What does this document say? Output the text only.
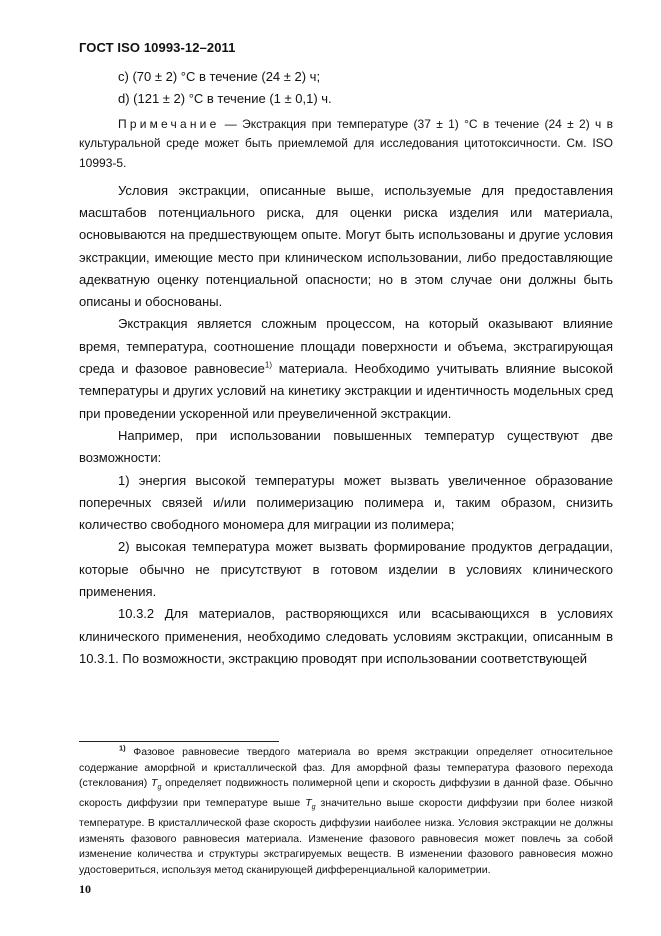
ГОСТ ISO 10993-12–2011

c) (70 ± 2) °C в течение (24 ± 2) ч;

d) (121 ± 2) °C в течение (1 ± 0,1) ч.

Примечание — Экстракция при температуре (37 ± 1) °C в течение (24 ± 2) ч в культуральной среде может быть приемлемой для исследования цитотоксичности. См. ISO 10993-5.

Условия экстракции, описанные выше, используемые для предоставления масштабов потенциального риска, для оценки риска изделия или материала, основываются на предшествующем опыте. Могут быть использованы и другие условия экстракции, имеющие место при клиническом использовании, либо предоставляющие адекватную оценку потенциальной опасности; но в этом случае они должны быть описаны и обоснованы.

Экстракция является сложным процессом, на который оказывают влияние время, температура, соотношение площади поверхности и объема, экстрагирующая среда и фазовое равновесие$^{1)}$ материала. Необходимо учитывать влияние высокой температуры и других условий на кинетику экстракции и идентичность модельных сред при проведении ускоренной или преувеличенной экстракции.

Например, при использовании повышенных температур существуют две возможности:

1) энергия высокой температуры может вызвать увеличенное образование поперечных связей и/или полимеризацию полимера и, таким образом, снизить количество свободного мономера для миграции из полимера;

2) высокая температура может вызвать формирование продуктов деградации, которые обычно не присутствуют в готовом изделии в условиях клинического применения.

10.3.2 Для материалов, растворяющихся или всасывающихся в условиях клинического применения, необходимо следовать условиям экстракции, описанным в 10.3.1. По возможности, экстракцию проводят при использовании соответствующей

$^{1)}$ Фазовое равновесие твердого материала во время экстракции определяет относительное содержание аморфной и кристаллической фаз. Для аморфной фазы температура фазового перехода (стеклования) $T_g$ определяет подвижность полимерной цепи и скорость диффузии в данной фазе. Обычно скорость диффузии при температуре выше $T_g$ значительно выше скорости диффузии при более низкой температуре. В кристаллической фазе скорость диффузии наиболее низка. Условия экстракции не должны изменять фазового равновесия материала. Изменение фазового равновесия может повлечь за собой изменение количества и структуры экстрагируемых веществ. В изменении фазового равновесия можно удостовериться, используя метод сканирующей дифференциальной калориметрии.

10
